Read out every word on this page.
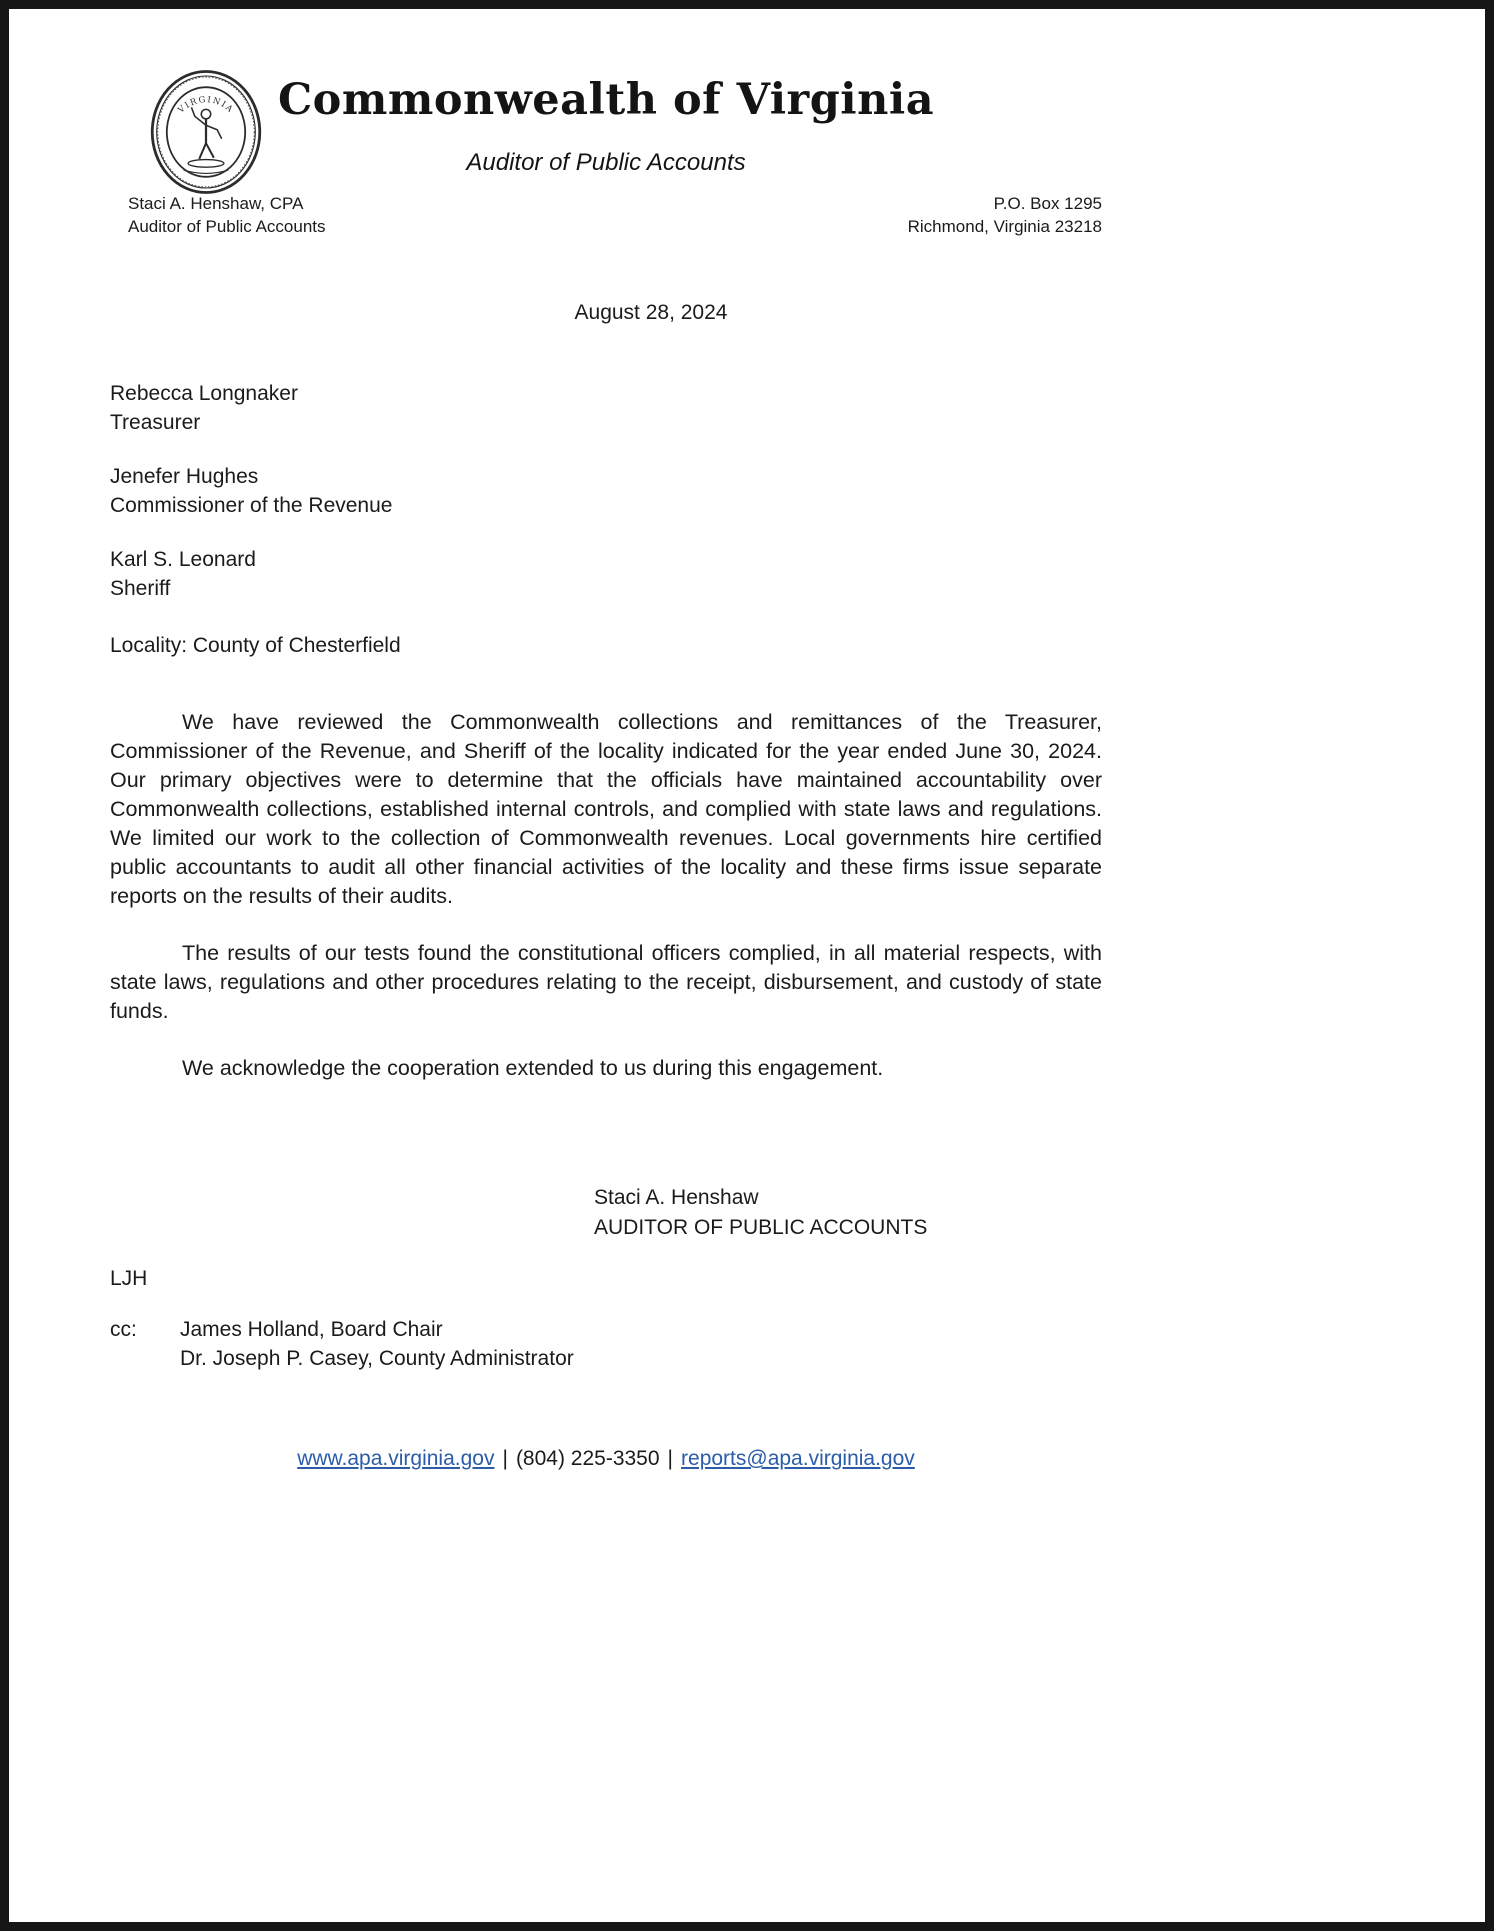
VIRGINIA Commonwealth of Virginia
Auditor of Public Accounts
Staci A. Henshaw, CPA
Auditor of Public Accounts
P.O. Box 1295
Richmond, Virginia 23218
August 28, 2024
Rebecca Longnaker
Treasurer
Jenefer Hughes
Commissioner of the Revenue
Karl S. Leonard
Sheriff
Locality: County of Chesterfield

We have reviewed the Commonwealth collections and remittances of the Treasurer, Commissioner of the Revenue, and Sheriff of the locality indicated for the year ended June 30, 2024. Our primary objectives were to determine that the officials have maintained accountability over Commonwealth collections, established internal controls, and complied with state laws and regulations. We limited our work to the collection of Commonwealth revenues. Local governments hire certified public accountants to audit all other financial activities of the locality and these firms issue separate reports on the results of their audits.

The results of our tests found the constitutional officers complied, in all material respects, with state laws, regulations and other procedures relating to the receipt, disbursement, and custody of state funds.

We acknowledge the cooperation extended to us during this engagement.

Staci A. Henshaw
AUDITOR OF PUBLIC ACCOUNTS
LJH
cc:	James Holland, Board Chair
Dr. Joseph P. Casey, County Administrator
www.apa.virginia.gov | (804) 225-3350 | reports@apa.virginia.gov
